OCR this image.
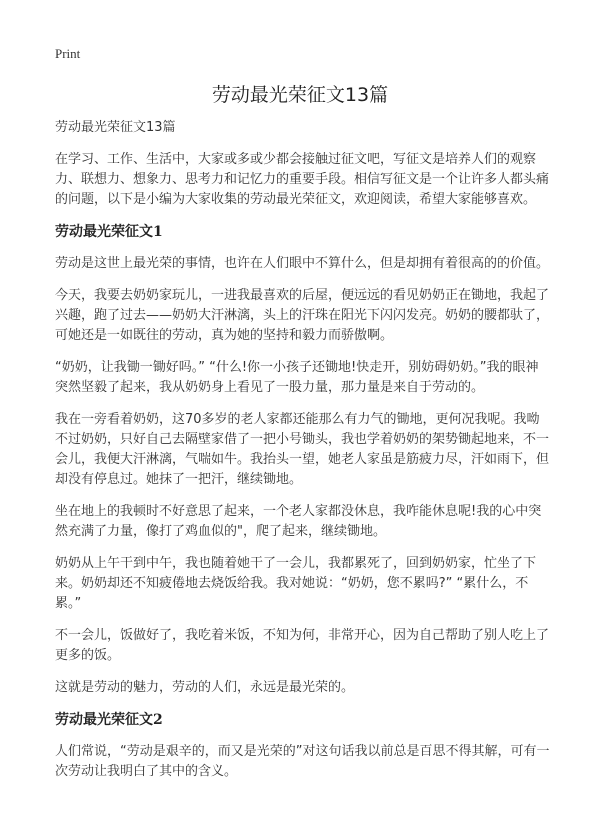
Print
劳动最光荣征文13篇

劳动最光荣征文13篇

在学习、工作、生活中，大家或多或少都会接触过征文吧，写征文是培养人们的观察力、联想力、想象力、思考力和记忆力的重要手段。相信写征文是一个让许多人都头痛的问题，以下是小编为大家收集的劳动最光荣征文，欢迎阅读，希望大家能够喜欢。

劳动最光荣征文1

劳动是这世上最光荣的事情，也许在人们眼中不算什么，但是却拥有着很高的的价值。

今天，我要去奶奶家玩儿，一进我最喜欢的后屋，便远远的看见奶奶正在锄地，我起了兴趣，跑了过去——奶奶大汗淋漓，头上的汗珠在阳光下闪闪发亮。奶奶的腰都驮了，可她还是一如既往的劳动，真为她的坚持和毅力而骄傲啊。

“奶奶，让我锄一锄好吗。” “什么!你一小孩子还锄地!快走开，别妨碍奶奶。”我的眼神突然坚毅了起来，我从奶奶身上看见了一股力量，那力量是来自于劳动的。

我在一旁看着奶奶，这70多岁的老人家都还能那么有力气的锄地，更何况我呢。我呦不过奶奶，只好自己去隔壁家借了一把小号锄头，我也学着奶奶的架势锄起地来，不一会儿，我便大汗淋漓，气喘如牛。我抬头一望，她老人家虽是筋疲力尽，汗如雨下，但却没有停息过。她抹了一把汗，继续锄地。

坐在地上的我顿时不好意思了起来，一个老人家都没休息，我咋能休息呢!我的心中突然充满了力量，像打了鸡血似的"，爬了起来，继续锄地。

奶奶从上午干到中午，我也随着她干了一会儿，我都累死了，回到奶奶家，忙坐了下来。奶奶却还不知疲倦地去烧饭给我。我对她说：“奶奶，您不累吗?” “累什么，不累。”

不一会儿，饭做好了，我吃着米饭，不知为何，非常开心，因为自己帮助了别人吃上了更多的饭。

这就是劳动的魅力，劳动的人们，永远是最光荣的。

劳动最光荣征文2

人们常说，“劳动是艰辛的，而又是光荣的”对这句话我以前总是百思不得其解，可有一次劳动让我明白了其中的含义。
